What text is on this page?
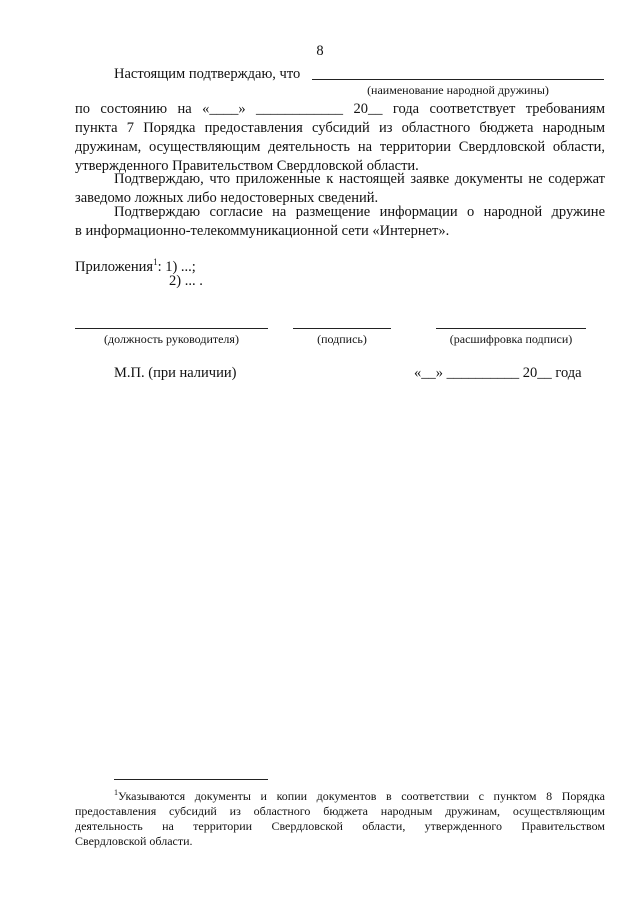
8
Настоящим подтверждаю, что
(наименование народной дружины)
по состоянию на «____» ____________ 20__ года соответствует требованиям
пункта 7 Порядка предоставления субсидий из областного бюджета народным
дружинам, осуществляющим деятельность на территории Свердловской области,
утвержденного Правительством Свердловской области.
Подтверждаю, что приложенные к настоящей заявке документы не содержат
заведомо ложных либо недостоверных сведений.
Подтверждаю согласие на размещение информации о народной дружине
в информационно-телекоммуникационной сети «Интернет».
Приложения$^1$: 1) ...;
2) ... .
(должность руководителя)	(подпись)	(расшифровка подписи)
М.П. (при наличии)	«__» __________ 20__ года
$^1$Указываются документы и копии документов в соответствии с пунктом 8 Порядка
предоставления субсидий из областного бюджета народным дружинам, осуществляющим
деятельность на территории Свердловской области, утвержденного Правительством
Свердловской области.
